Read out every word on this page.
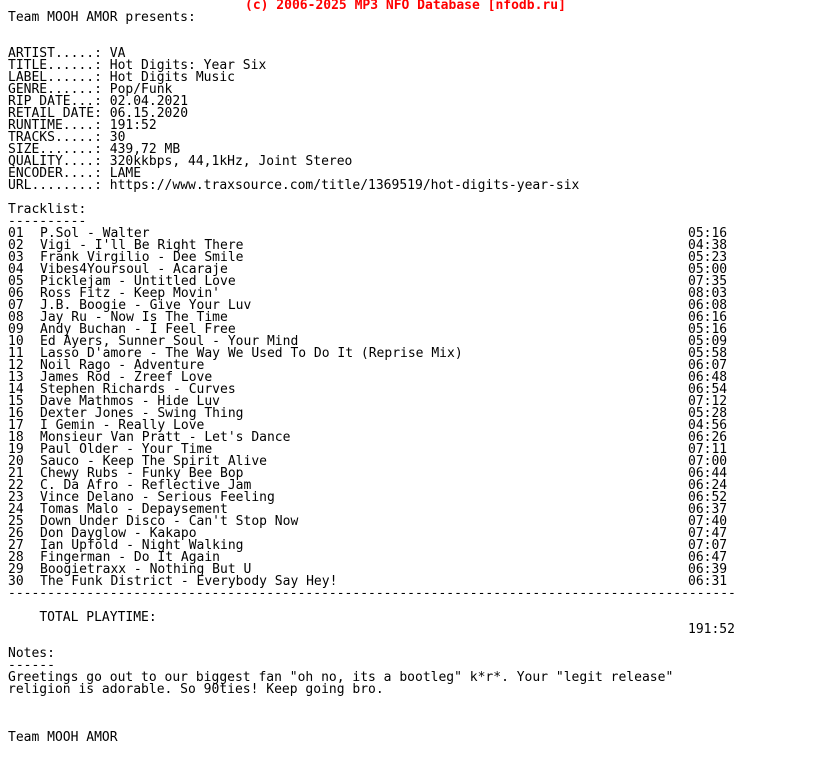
(c) 2006-2025 MP3 NFO Database [nfodb.ru]
Team MOOH AMOR presents:
ARTIST.....: VA
TITLE......: Hot Digits: Year Six
LABEL......: Hot Digits Music
GENRE......: Pop/Funk
RIP DATE...: 02.04.2021
RETAIL DATE: 06.15.2020
RUNTIME....: 191:52
TRACKS.....: 30
SIZE.......: 439,72 MB
QUALITY....: 320kkbps, 44,1kHz, Joint Stereo
ENCODER....: LAME
URL........: https://www.traxsource.com/title/1369519/hot-digits-year-six
Tracklist:
----------
01 P.Sol - Walter	05:16
02 Vigi - I'll Be Right There	04:38
03 Frank Virgilio - Dee Smile	05:23
04 Vibes4Yoursoul - Acaraje	05:00
05 Picklejam - Untitled Love	07:35
06 Ross Fitz - Keep Movin'	08:03
07 J.B. Boogie - Give Your Luv	06:08
08 Jay Ru - Now Is The Time	06:16
09 Andy Buchan - I Feel Free	05:16
10 Ed Ayers, Sunner Soul - Your Mind	05:09
11 Lasso D'amore - The Way We Used To Do It (Reprise Mix)	05:58
12 Noil Rago - Adventure	06:07
13 James Rod - Zreef Love	06:48
14 Stephen Richards - Curves	06:54
15 Dave Mathmos - Hide Luv	07:12
16 Dexter Jones - Swing Thing	05:28
17 I Gemin - Really Love	04:56
18 Monsieur Van Pratt - Let's Dance	06:26
19 Paul Older - Your Time	07:11
20 Sauco - Keep The Spirit Alive	07:00
21 Chewy Rubs - Funky Bee Bop	06:44
22 C. Da Afro - Reflective Jam	06:24
23 Vince Delano - Serious Feeling	06:52
24 Tomas Malo - Depaysement	06:37
25 Down Under Disco - Can't Stop Now	07:40
26 Don Dayglow - Kakapo	07:47
27 Ian Upfold - Night Walking	07:07
28 Fingerman - Do It Again	06:47
29 Boogietraxx - Nothing But U	06:39
30 The Funk District - Everybody Say Hey!	06:31
---------------------------------------------------------------------------------------------

TOTAL PLAYTIME:

191:52

Notes:
------
Greetings go out to our biggest fan "oh no, its a bootleg" k*r*. Your "legit release"
religion is adorable. So 90ties! Keep going bro.
Team MOOH AMOR
